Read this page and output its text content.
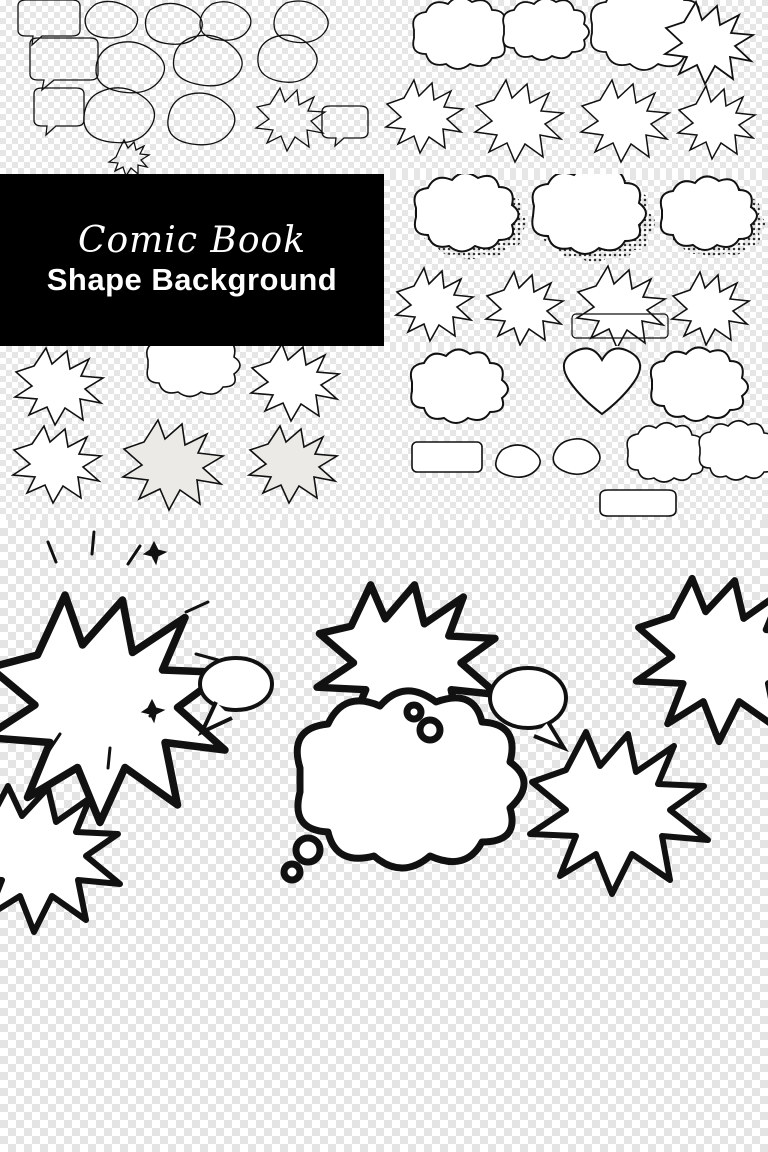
Comic Book
Shape Background
